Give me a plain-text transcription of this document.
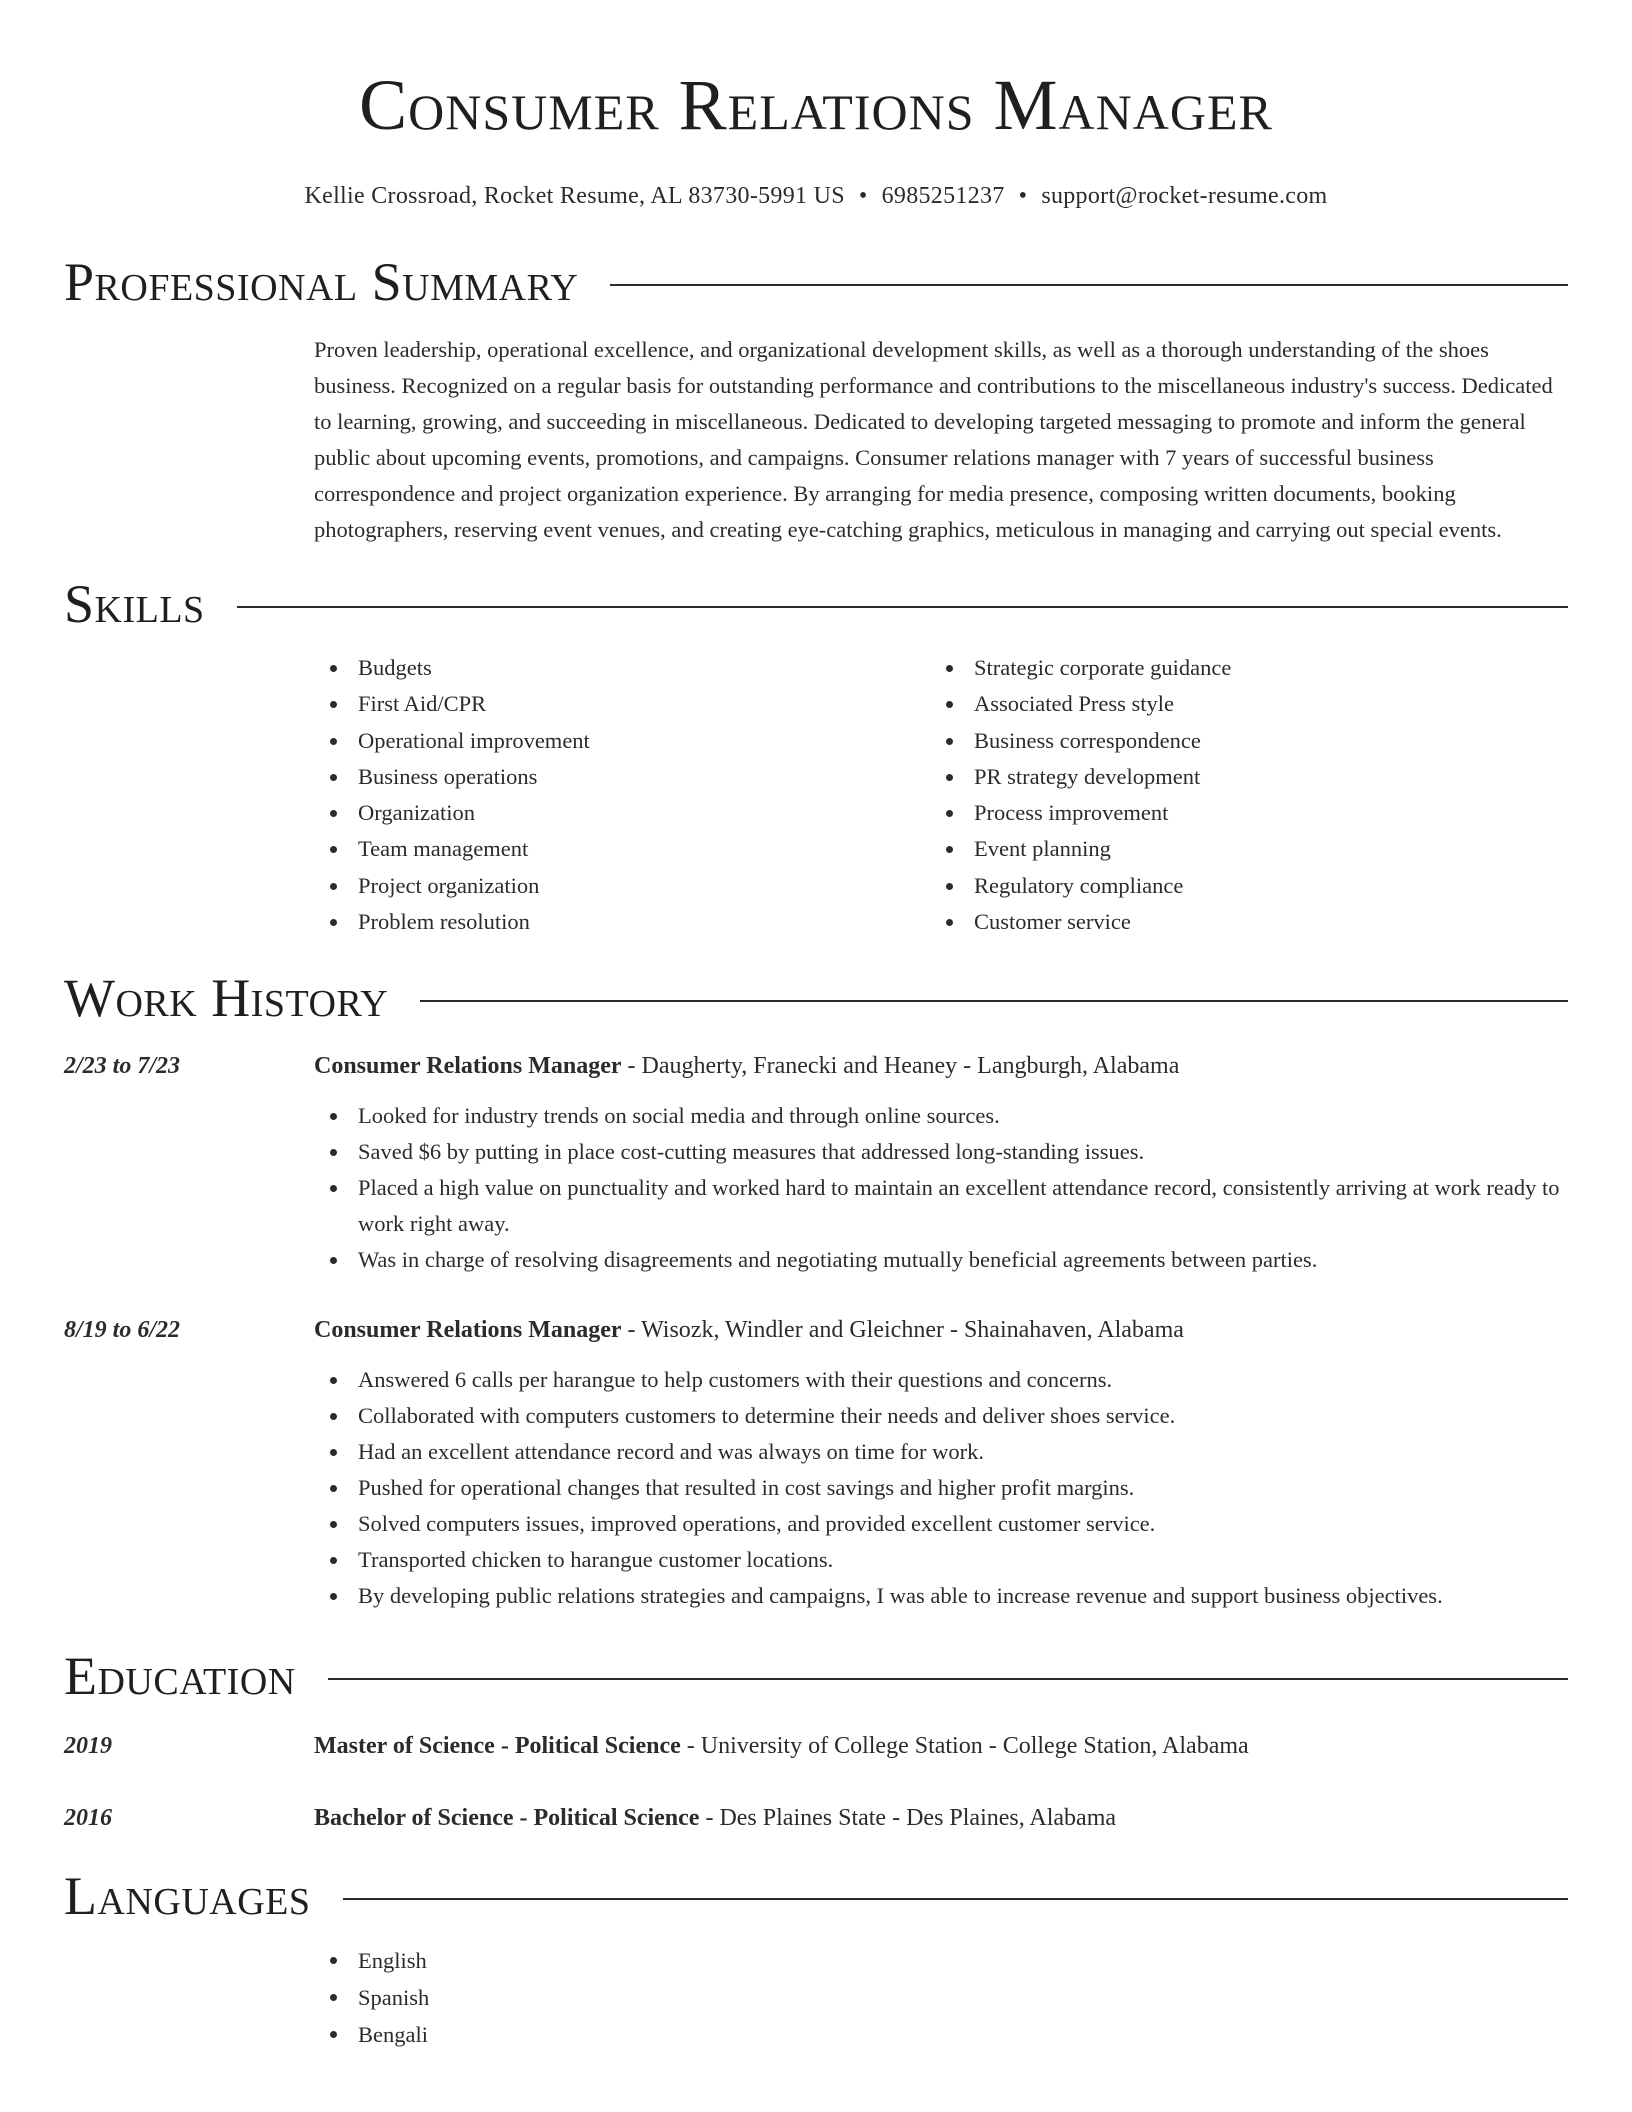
Consumer Relations Manager
Kellie Crossroad, Rocket Resume, AL 83730-5991 US • 6985251237 • support@rocket-resume.com
Professional Summary

Proven leadership, operational excellence, and organizational development skills, as well as a thorough understanding of the shoes business. Recognized on a regular basis for outstanding performance and contributions to the miscellaneous industry's success. Dedicated to learning, growing, and succeeding in miscellaneous. Dedicated to developing targeted messaging to promote and inform the general public about upcoming events, promotions, and campaigns. Consumer relations manager with 7 years of successful business correspondence and project organization experience. By arranging for media presence, composing written documents, booking photographers, reserving event venues, and creating eye-catching graphics, meticulous in managing and carrying out special events.

Skills
Budgets
First Aid/CPR
Operational improvement
Business operations
Organization
Team management
Project organization
Problem resolution
Strategic corporate guidance
Associated Press style
Business correspondence
PR strategy development
Process improvement
Event planning
Regulatory compliance
Customer service
Work History
2/23 to 7/23	Consumer Relations Manager - Daugherty, Franecki and Heaney - Langburgh, Alabama
Looked for industry trends on social media and through online sources.
Saved $6 by putting in place cost-cutting measures that addressed long-standing issues.
Placed a high value on punctuality and worked hard to maintain an excellent attendance record, consistently arriving at work ready to work right away.
Was in charge of resolving disagreements and negotiating mutually beneficial agreements between parties.
8/19 to 6/22	Consumer Relations Manager - Wisozk, Windler and Gleichner - Shainahaven, Alabama
Answered 6 calls per harangue to help customers with their questions and concerns.
Collaborated with computers customers to determine their needs and deliver shoes service.
Had an excellent attendance record and was always on time for work.
Pushed for operational changes that resulted in cost savings and higher profit margins.
Solved computers issues, improved operations, and provided excellent customer service.
Transported chicken to harangue customer locations.
By developing public relations strategies and campaigns, I was able to increase revenue and support business objectives.
Education
2019	Master of Science - Political Science - University of College Station - College Station, Alabama
2016	Bachelor of Science - Political Science - Des Plaines State - Des Plaines, Alabama
Languages
English
Spanish
Bengali
